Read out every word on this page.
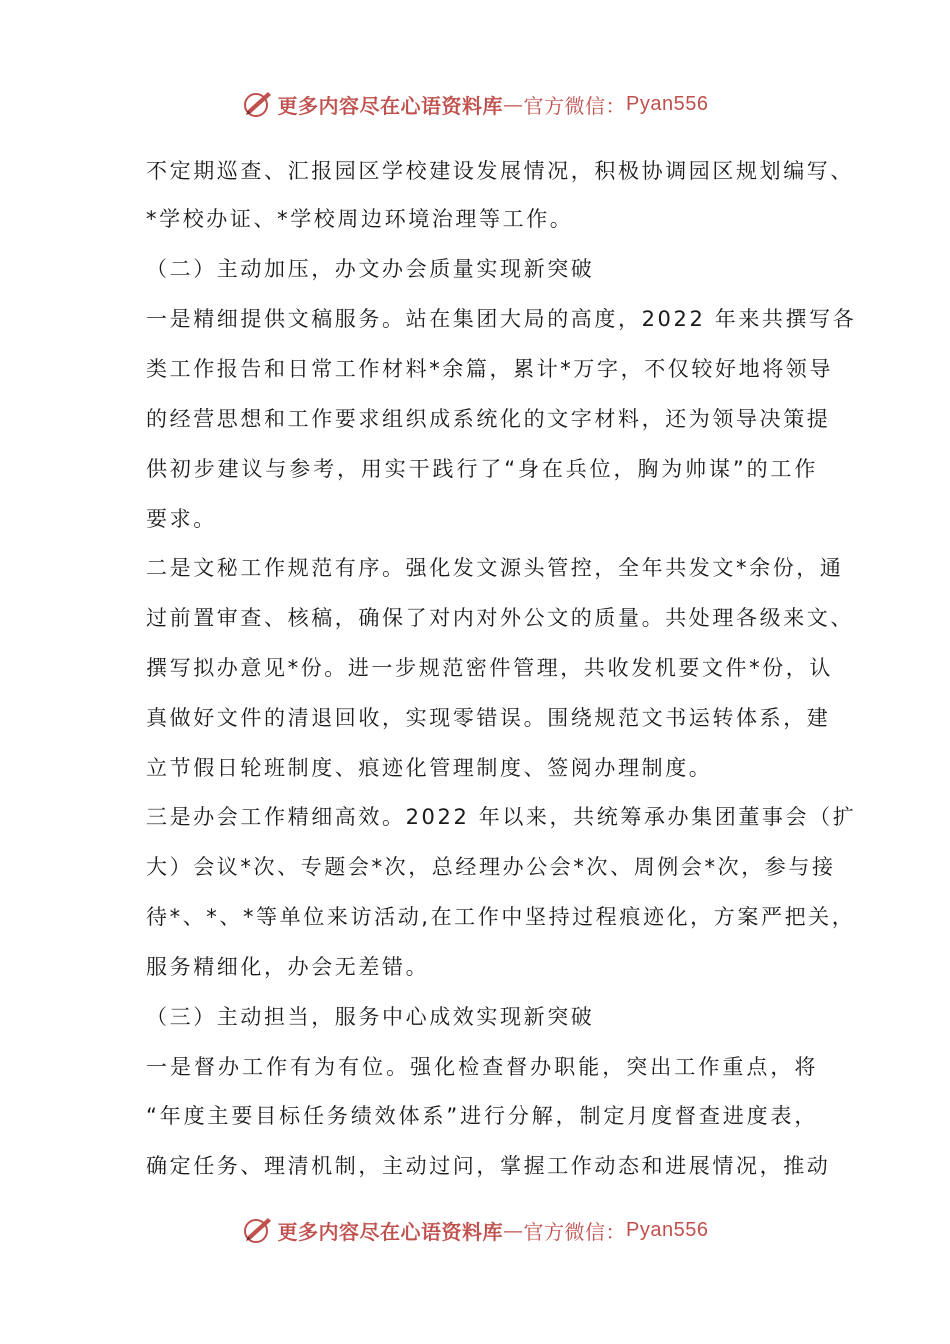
更多内容尽在心语资料库 — 官方微信： Pyan556
不定期巡查、汇报园区学校建设发展情况，积极协调园区规划编写、
*学校办证、*学校周边环境治理等工作。
（二）主动加压，办文办会质量实现新突破
一是精细提供文稿服务。站在集团大局的高度，2022 年来共撰写各
类工作报告和日常工作材料*余篇，累计*万字，不仅较好地将领导
的经营思想和工作要求组织成系统化的文字材料，还为领导决策提
供初步建议与参考，用实干践行了“身在兵位，胸为帅谋”的工作
要求。
二是文秘工作规范有序。强化发文源头管控，全年共发文*余份，通
过前置审查、核稿，确保了对内对外公文的质量。共处理各级来文、
撰写拟办意见*份。进一步规范密件管理，共收发机要文件*份，认
真做好文件的清退回收，实现零错误。围绕规范文书运转体系，建
立节假日轮班制度、痕迹化管理制度、签阅办理制度。
三是办会工作精细高效。2022 年以来，共统筹承办集团董事会（扩
大）会议*次、专题会*次，总经理办公会*次、周例会*次，参与接
待*、*、*等单位来访活动,在工作中坚持过程痕迹化，方案严把关，
服务精细化，办会无差错。
（三）主动担当，服务中心成效实现新突破
一是督办工作有为有位。强化检查督办职能，突出工作重点，将
“年度主要目标任务绩效体系”进行分解，制定月度督查进度表，
确定任务、理清机制，主动过问，掌握工作动态和进展情况，推动
更多内容尽在心语资料库 — 官方微信： Pyan556
